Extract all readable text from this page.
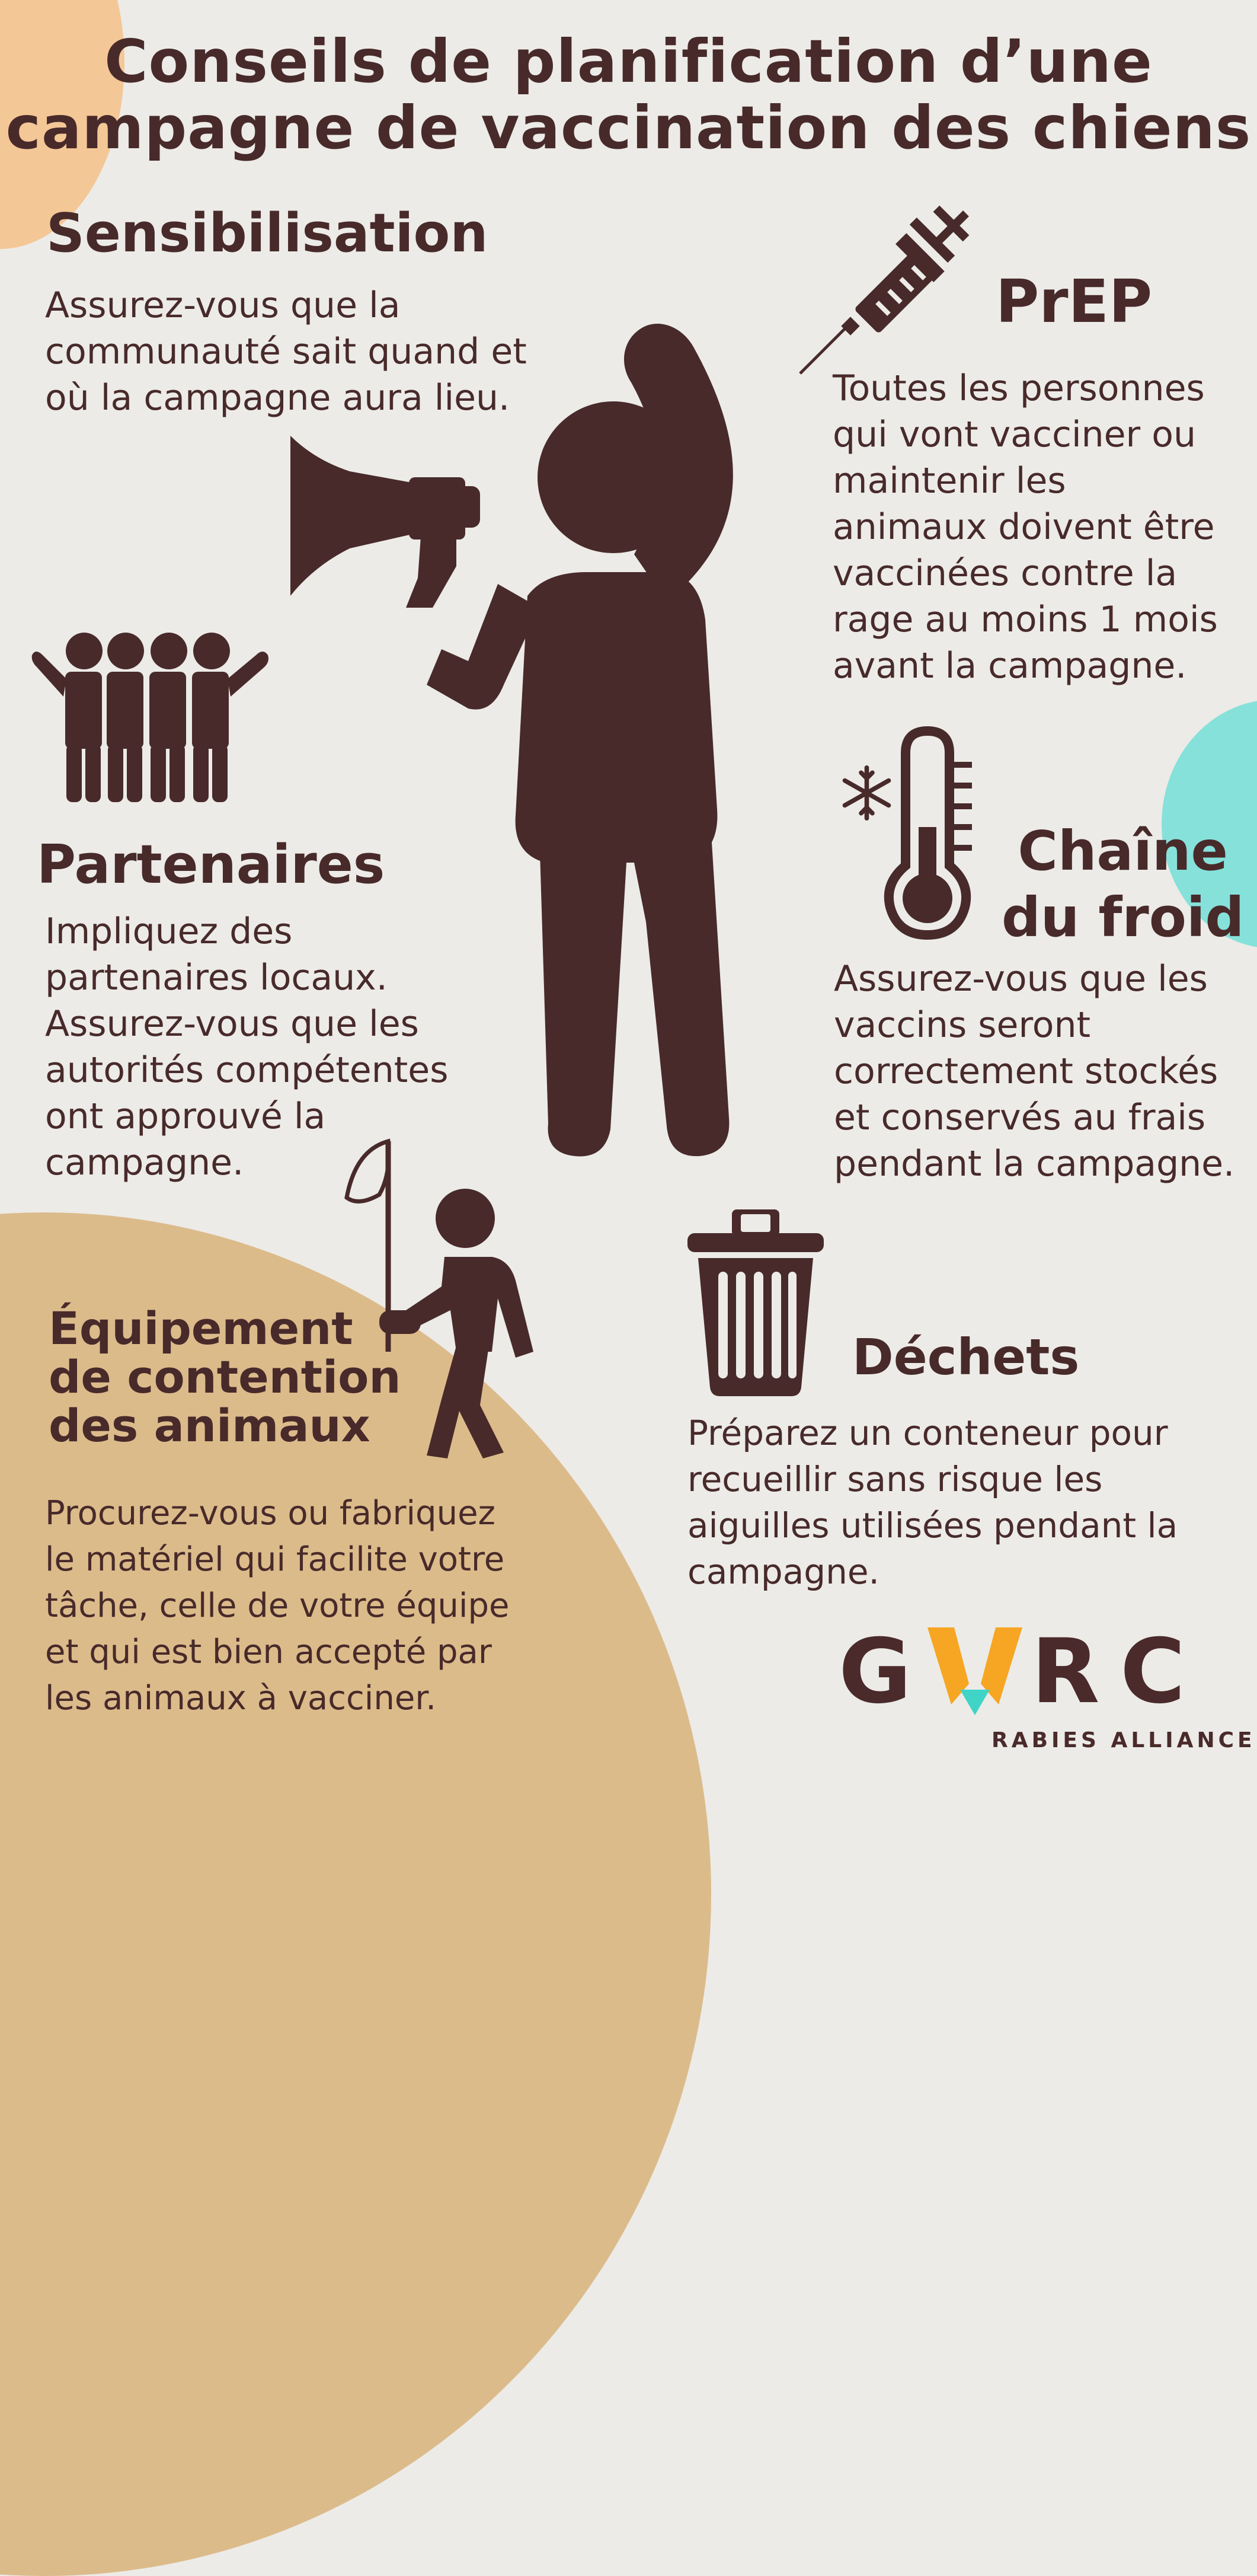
Conseils de planification d’une
campagne de vaccination des chiens
Sensibilisation
Assurez-vous que la
communauté sait quand et
où la campagne aura lieu.
PrEP
Toutes les personnes
qui vont vacciner ou
maintenir les
animaux doivent être
vaccinées contre la
rage au moins 1 mois
avant la campagne.
Partenaires
Impliquez des
partenaires locaux.
Assurez-vous que les
autorités compétentes
ont approuvé la
campagne.
Chaîne
du froid
Assurez-vous que les
vaccins seront
correctement stockés
et conservés au frais
pendant la campagne.
Équipement
de contention
des animaux
Procurez-vous ou fabriquez
le matériel qui facilite votre
tâche, celle de votre équipe
et qui est bien accepté par
les animaux à vacciner.
Déchets
Préparez un conteneur pour
recueillir sans risque les
aiguilles utilisées pendant la
campagne.
G R C
RABIES ALLIANCE
